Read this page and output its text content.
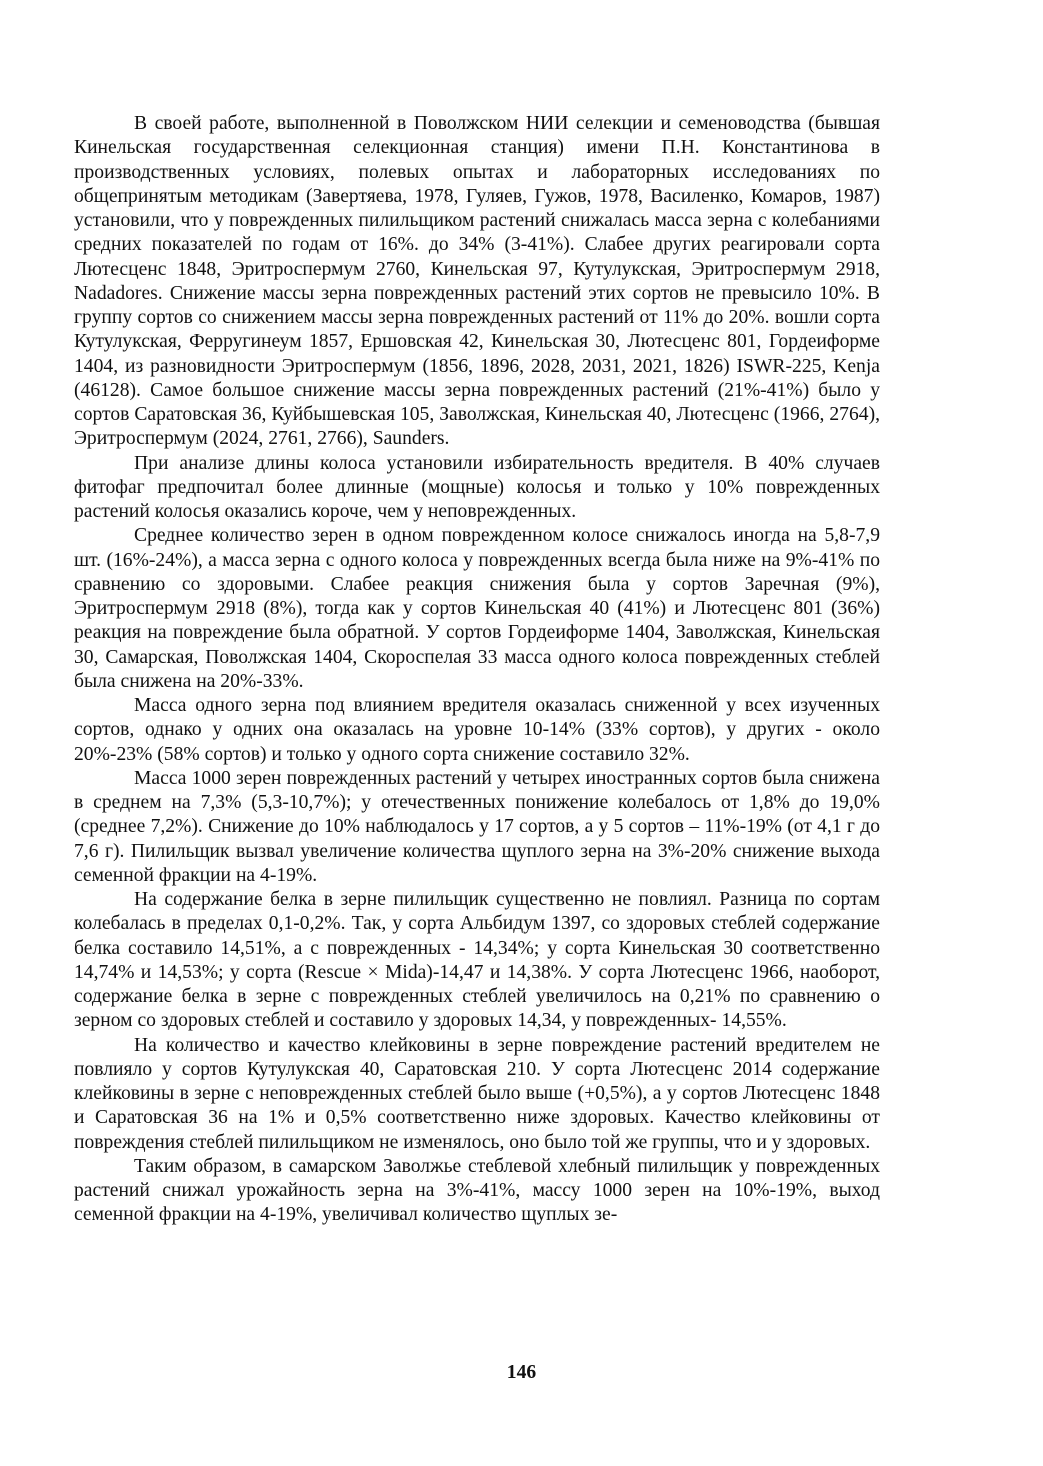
В своей работе, выполненной в Поволжском НИИ селекции и семеноводства (бывшая Кинельская государственная селекционная станция) имени П.Н. Константинова в производственных условиях, полевых опытах и лабораторных исследованиях по общепринятым методикам (Завертяева, 1978, Гуляев, Гужов, 1978, Василенко, Комаров, 1987) установили, что у поврежденных пилильщиком растений снижалась масса зерна с колебаниями средних показателей по годам от 16%. до 34% (3-41%). Слабее других реагировали сорта Лютесценс 1848, Эритроспермум 2760, Кинельская 97, Кутулукская, Эритроспермум 2918, Nadadores. Снижение массы зерна поврежденных растений этих сортов не превысило 10%. В группу сортов со снижением массы зерна поврежденных растений от 11% до 20%. вошли сорта Кутулукская, Ферругинеум 1857, Ершовская 42, Кинельская 30, Лютесценс 801, Гордеиформе 1404, из разновидности Эритроспермум (1856, 1896, 2028, 2031, 2021, 1826) ISWR-225, Kenja (46128). Самое большое снижение массы зерна поврежденных растений (21%-41%) было у сортов Саратовская 36, Куйбышевская 105, Заволжская, Кинельская 40, Лютесценс (1966, 2764), Эритроспермум (2024, 2761, 2766), Saunders.

При анализе длины колоса установили избирательность вредителя. В 40% случаев фитофаг предпочитал более длинные (мощные) колосья и только у 10% поврежденных растений колосья оказались короче, чем у неповрежденных.

Среднее количество зерен в одном поврежденном колосе снижалось иногда на 5,8-7,9 шт. (16%-24%), а масса зерна с одного колоса у поврежденных всегда была ниже на 9%-41% по сравнению со здоровыми. Слабее реакция снижения была у сортов Заречная (9%), Эритроспермум 2918 (8%), тогда как у сортов Кинельская 40 (41%) и Лютесценс 801 (36%) реакция на повреждение была обратной. У сортов Гордеиформе 1404, Заволжская, Кинельская 30, Самарская, Поволжская 1404, Скороспелая 33 масса одного колоса поврежденных стеблей была снижена на 20%-33%.

Масса одного зерна под влиянием вредителя оказалась сниженной у всех изученных сортов, однако у одних она оказалась на уровне 10-14% (33% сортов), у других - около 20%-23% (58% сортов) и только у одного сорта снижение составило 32%.

Масса 1000 зерен поврежденных растений у четырех иностранных сортов была снижена в среднем на 7,3% (5,3-10,7%); у отечественных понижение колебалось от 1,8% до 19,0% (среднее 7,2%). Снижение до 10% наблюдалось у 17 сортов, а у 5 сортов – 11%-19% (от 4,1 г до 7,6 г). Пилильщик вызвал увеличение количества щуплого зерна на 3%-20% снижение выхода семенной фракции на 4-19%.

На содержание белка в зерне пилильщик существенно не повлиял. Разница по сортам колебалась в пределах 0,1-0,2%. Так, у сорта Альбидум 1397, со здоровых стеблей содержание белка составило 14,51%, а с поврежденных - 14,34%; у сорта Кинельская 30 соответственно 14,74% и 14,53%; у сорта (Rescue × Mida)-14,47 и 14,38%. У сорта Лютесценс 1966, наоборот, содержание белка в зерне с поврежденных стеблей увеличилось на 0,21% по сравнению о зерном со здоровых стеблей и составило у здоровых 14,34, у поврежденных- 14,55%.

На количество и качество клейковины в зерне повреждение растений вредителем не повлияло у сортов Кутулукская 40, Саратовская 210. У сорта Лютесценс 2014 содержание клейковины в зерне с неповрежденных стеблей было выше (+0,5%), а у сортов Лютесценс 1848 и Саратовская 36 на 1% и 0,5% соответственно ниже здоровых. Качество клейковины от повреждения стеблей пилильщиком не изменялось, оно было той же группы, что и у здоровых.

Таким образом, в самарском Заволжье стеблевой хлебный пилильщик у поврежденных растений снижал урожайность зерна на 3%-41%, массу 1000 зерен на 10%-19%, выход семенной фракции на 4-19%, увеличивал количество щуплых зе-

146
